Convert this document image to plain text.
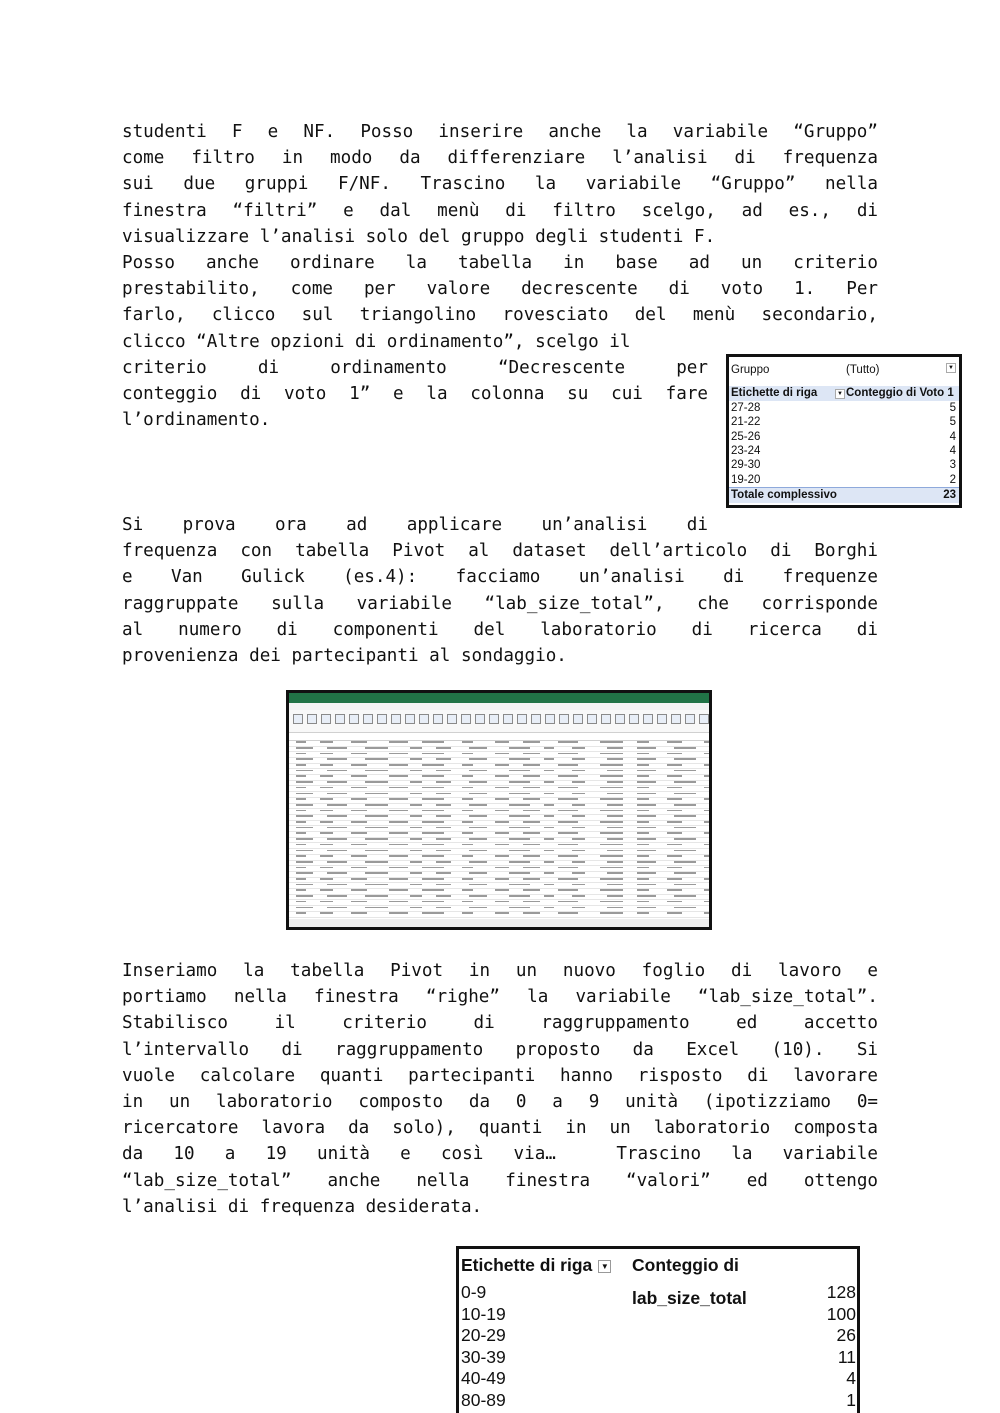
studenti F e NF. Posso inserire anche la variabile “Gruppo”
come filtro in modo da differenziare l’analisi di frequenza
sui due gruppi F/NF. Trascino la variabile “Gruppo” nella
finestra “filtri” e dal menù di filtro scelgo, ad es., di
visualizzare l’analisi solo del gruppo degli studenti F.
Posso anche ordinare la tabella in base ad un criterio
prestabilito, come per valore decrescente di voto 1. Per
farlo, clicco sul triangolino rovesciato del menù secondario,
clicco “Altre opzioni di ordinamento”, scelgo il
criterio di ordinamento “Decrescente per
conteggio di voto 1” e la colonna su cui fare
l’ordinamento.
Gruppo	(Tutto)	▼
Etichette di riga	▼ Conteggio di Voto 1
27-28	5
21-22	5
25-26	4
23-24	4
29-30	3
19-20	2
Totale complessivo	23
Si prova ora ad applicare un’analisi di
frequenza con tabella Pivot al dataset dell’articolo di Borghi
e Van Gulick (es.4): facciamo un’analisi di frequenze
raggruppate sulla variabile “lab_size_total”, che corrisponde
al numero di componenti del laboratorio di ricerca di
provenienza dei partecipanti al sondaggio.
Inseriamo la tabella Pivot in un nuovo foglio di lavoro e
portiamo nella finestra “righe” la variabile “lab_size_total”.
Stabilisco il criterio di raggruppamento ed accetto
l’intervallo di raggruppamento proposto da Excel (10). Si
vuole calcolare quanti partecipanti hanno risposto di lavorare
in un laboratorio composto da 0 a 9 unità (ipotizziamo 0=
ricercatore lavora da solo), quanti in un laboratorio composta
da 10 a 19 unità e così via…  Trascino la variabile
“lab_size_total” anche nella finestra “valori” ed ottengo
l’analisi di frequenza desiderata.
Etichette di riga ▼ Conteggio di lab_size_total
0-9	128
10-19	100
20-29	26
30-39	11
40-49	4
80-89	1
